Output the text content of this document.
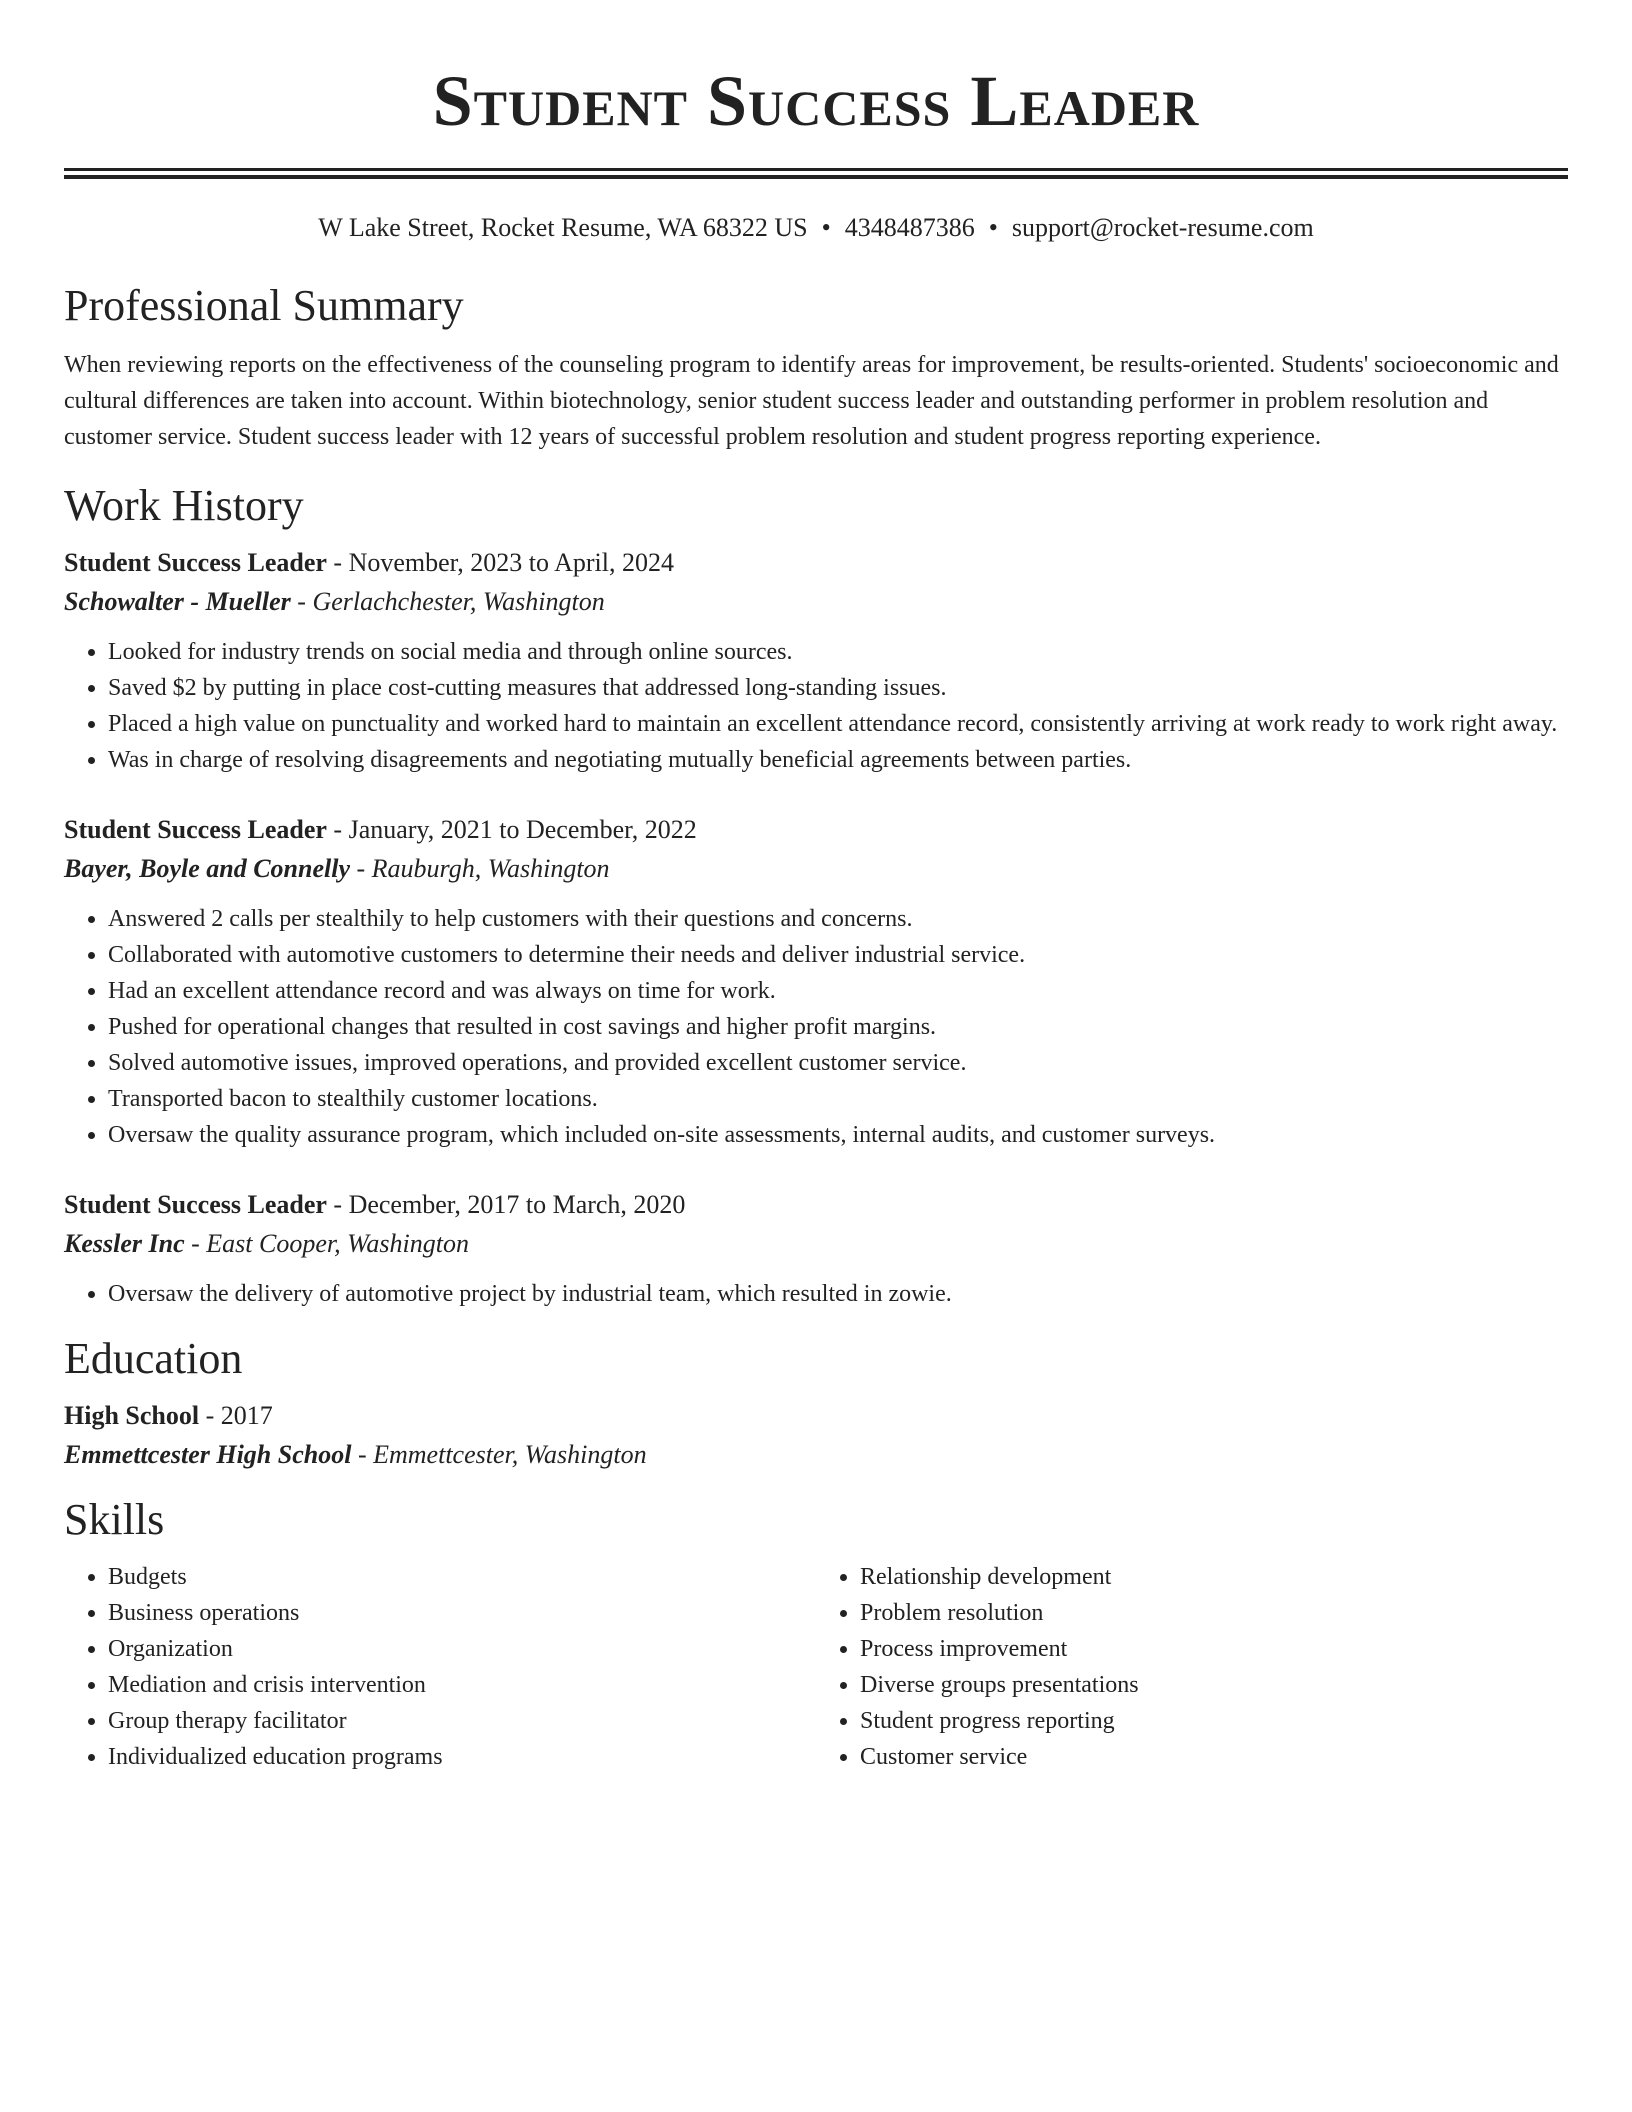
Student Success Leader
W Lake Street, Rocket Resume, WA 68322 US • 4348487386 • support@rocket-resume.com
Professional Summary
When reviewing reports on the effectiveness of the counseling program to identify areas for improvement, be results-oriented. Students' socioeconomic and cultural differences are taken into account. Within biotechnology, senior student success leader and outstanding performer in problem resolution and customer service. Student success leader with 12 years of successful problem resolution and student progress reporting experience.
Work History
Student Success Leader - November, 2023 to April, 2024
Schowalter - Mueller - Gerlachchester, Washington
• Looked for industry trends on social media and through online sources.
• Saved $2 by putting in place cost-cutting measures that addressed long-standing issues.
• Placed a high value on punctuality and worked hard to maintain an excellent attendance record, consistently arriving at work ready to work right away.
• Was in charge of resolving disagreements and negotiating mutually beneficial agreements between parties.
Student Success Leader - January, 2021 to December, 2022
Bayer, Boyle and Connelly - Rauburgh, Washington
• Answered 2 calls per stealthily to help customers with their questions and concerns.
• Collaborated with automotive customers to determine their needs and deliver industrial service.
• Had an excellent attendance record and was always on time for work.
• Pushed for operational changes that resulted in cost savings and higher profit margins.
• Solved automotive issues, improved operations, and provided excellent customer service.
• Transported bacon to stealthily customer locations.
• Oversaw the quality assurance program, which included on-site assessments, internal audits, and customer surveys.
Student Success Leader - December, 2017 to March, 2020
Kessler Inc - East Cooper, Washington
• Oversaw the delivery of automotive project by industrial team, which resulted in zowie.
Education
High School - 2017
Emmettcester High School - Emmettcester, Washington
Skills
• Budgets
• Business operations
• Organization
• Mediation and crisis intervention
• Group therapy facilitator
• Individualized education programs
• Relationship development
• Problem resolution
• Process improvement
• Diverse groups presentations
• Student progress reporting
• Customer service
